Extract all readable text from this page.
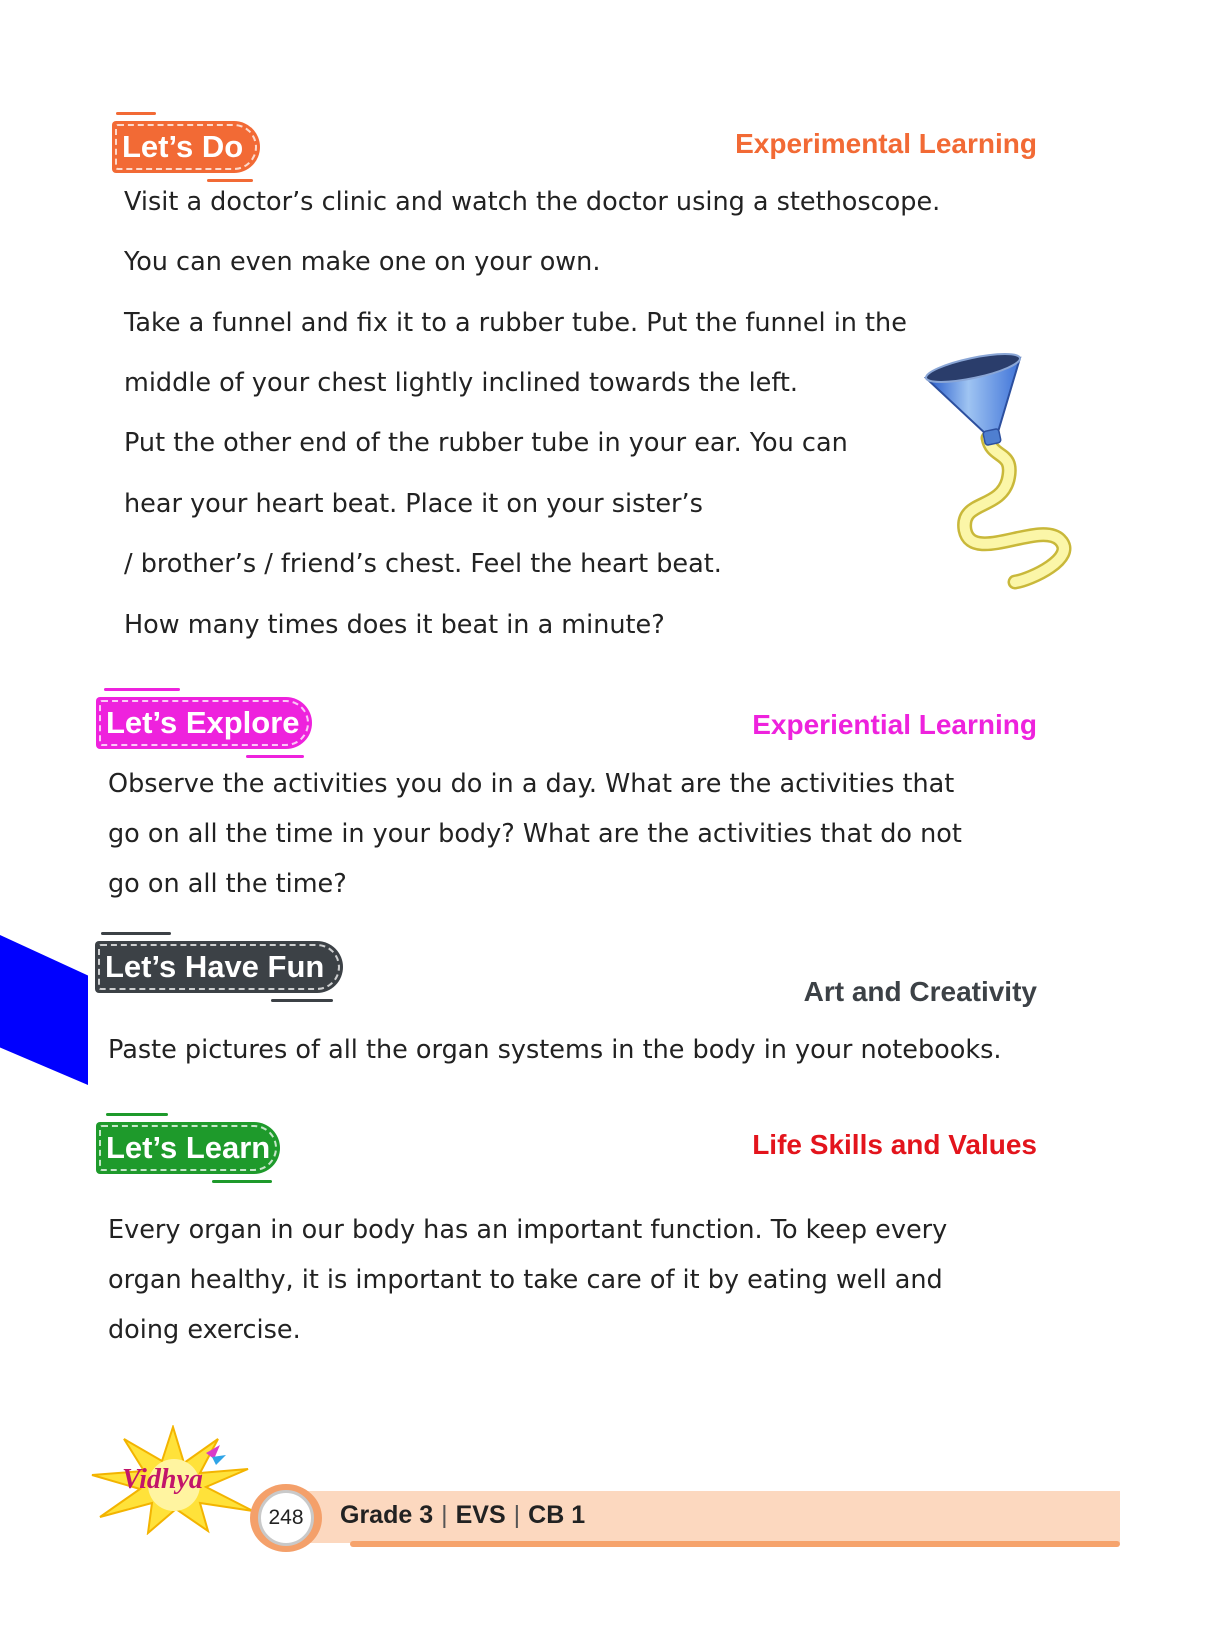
Let’s Do	Experimental Learning
Visit a doctor’s clinic and watch the doctor using a stethoscope.
You can even make one on your own.
Take a funnel and fix it to a rubber tube. Put the funnel in the
middle of your chest lightly inclined towards the left.
Put the other end of the rubber tube in your ear. You can
hear your heart beat. Place it on your sister’s
/ brother’s / friend’s chest. Feel the heart beat.
How many times does it beat in a minute?
Let’s Explore	Experiential Learning
Observe the activities you do in a day. What are the activities that
go on all the time in your body? What are the activities that do not
go on all the time?
Let’s Have Fun
Art and Creativity
Paste pictures of all the organ systems in the body in your notebooks.
Let’s Learn	Life Skills and Values
Every organ in our body has an important function. To keep every
organ healthy, it is important to take care of it by eating well and
doing exercise.
Vidhya
248	Grade 3 | EVS | CB 1
